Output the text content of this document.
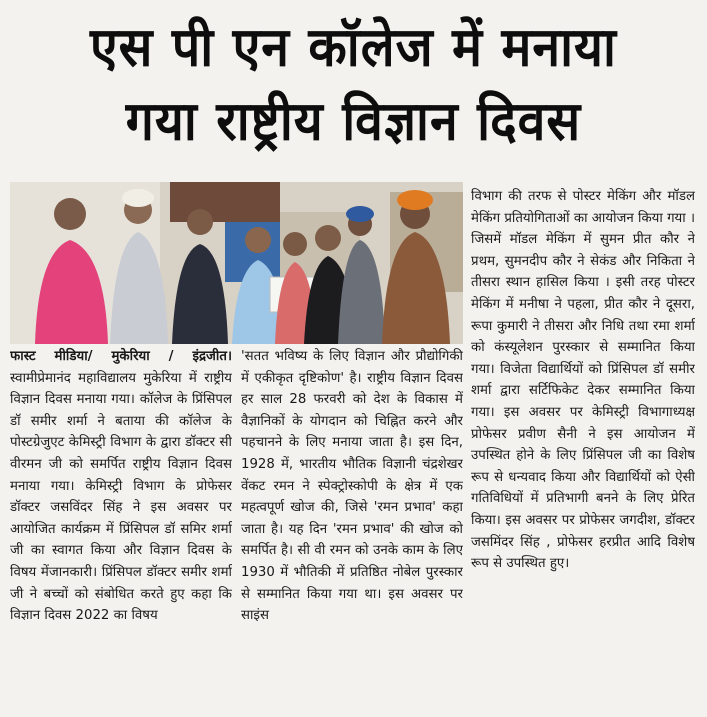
एस पी एन कॉलेज में मनाया
गया राष्ट्रीय विज्ञान दिवस
फास्ट मीडिया/ मुकेरिया / इंद्रजीत।स्वामीप्रेमानंद महाविद्यालय मुकेरिया में राष्ट्रीय विज्ञान दिवस मनाया गया। कॉलेज के प्रिंसिपल डॉ समीर शर्मा ने बताया की कॉलेज के पोस्टग्रेजुएट केमिस्ट्री विभाग के द्वारा डॉक्टर सी वीरमन जी को समर्पित राष्ट्रीय विज्ञान दिवस मनाया गया। केमिस्ट्री विभाग के प्रोफेसर डॉक्टर जसविंदर सिंह ने इस अवसर पर आयोजित कार्यक्रम में प्रिंसिपल डॉ समिर शर्मा जी का स्वागत किया और विज्ञान दिवस के विषय मेंजानकारी। प्रिंसिपल डॉक्टर समीर शर्मा जी ने बच्चों को संबोधित करते हुए कहा कि विज्ञान दिवस 2022 का विषय
'सतत भविष्य के लिए विज्ञान और प्रौद्योगिकी में एकीकृत दृष्टिकोण' है। राष्ट्रीय विज्ञान दिवस हर साल 28 फरवरी को देश के विकास में वैज्ञानिकों के योगदान को चिह्नित करने और पहचानने के लिए मनाया जाता है। इस दिन, 1928 में, भारतीय भौतिक विज्ञानी चंद्रशेखर वेंकट रमन ने स्पेक्ट्रोस्कोपी के क्षेत्र में एक महत्वपूर्ण खोज की, जिसे 'रमन प्रभाव' कहा जाता है। यह दिन 'रमन प्रभाव' की खोज को समर्पित है। सी वी रमन को उनके काम के लिए 1930 में भौतिकी में प्रतिष्ठित नोबेल पुरस्कार से सम्मानित किया गया था। इस अवसर पर साइंस
विभाग की तरफ से पोस्टर मेकिंग और मॉडल मेकिंग प्रतियोगिताओं का आयोजन किया गया । जिसमें मॉडल मेकिंग में सुमन प्रीत कौर ने प्रथम, सुमनदीप कौर ने सेकंड और निकिता ने तीसरा स्थान हासिल किया । इसी तरह पोस्टर मेकिंग में मनीषा ने पहला, प्रीत कौर ने दूसरा, रूपा कुमारी ने तीसरा और निधि तथा रमा शर्मा को कंस्यूलेशन पुरस्कार से सम्मानित किया गया। विजेता विद्यार्थियों को प्रिंसिपल डॉ समीर शर्मा द्वारा सर्टिफिकेट देकर सम्मानित किया गया। इस अवसर पर केमिस्ट्री विभागाध्यक्ष प्रोफेसर प्रवीण सैनी ने इस आयोजन में उपस्थित होने के लिए प्रिंसिपल जी का विशेष रूप से धन्यवाद किया और विद्यार्थियों को ऐसी गतिविधियों में प्रतिभागी बनने के लिए प्रेरित किया। इस अवसर पर प्रोफेसर जगदीश, डॉक्टर जसमिंदर सिंह , प्रोफेसर हरप्रीत आदि विशेष रूप से उपस्थित हुए।
